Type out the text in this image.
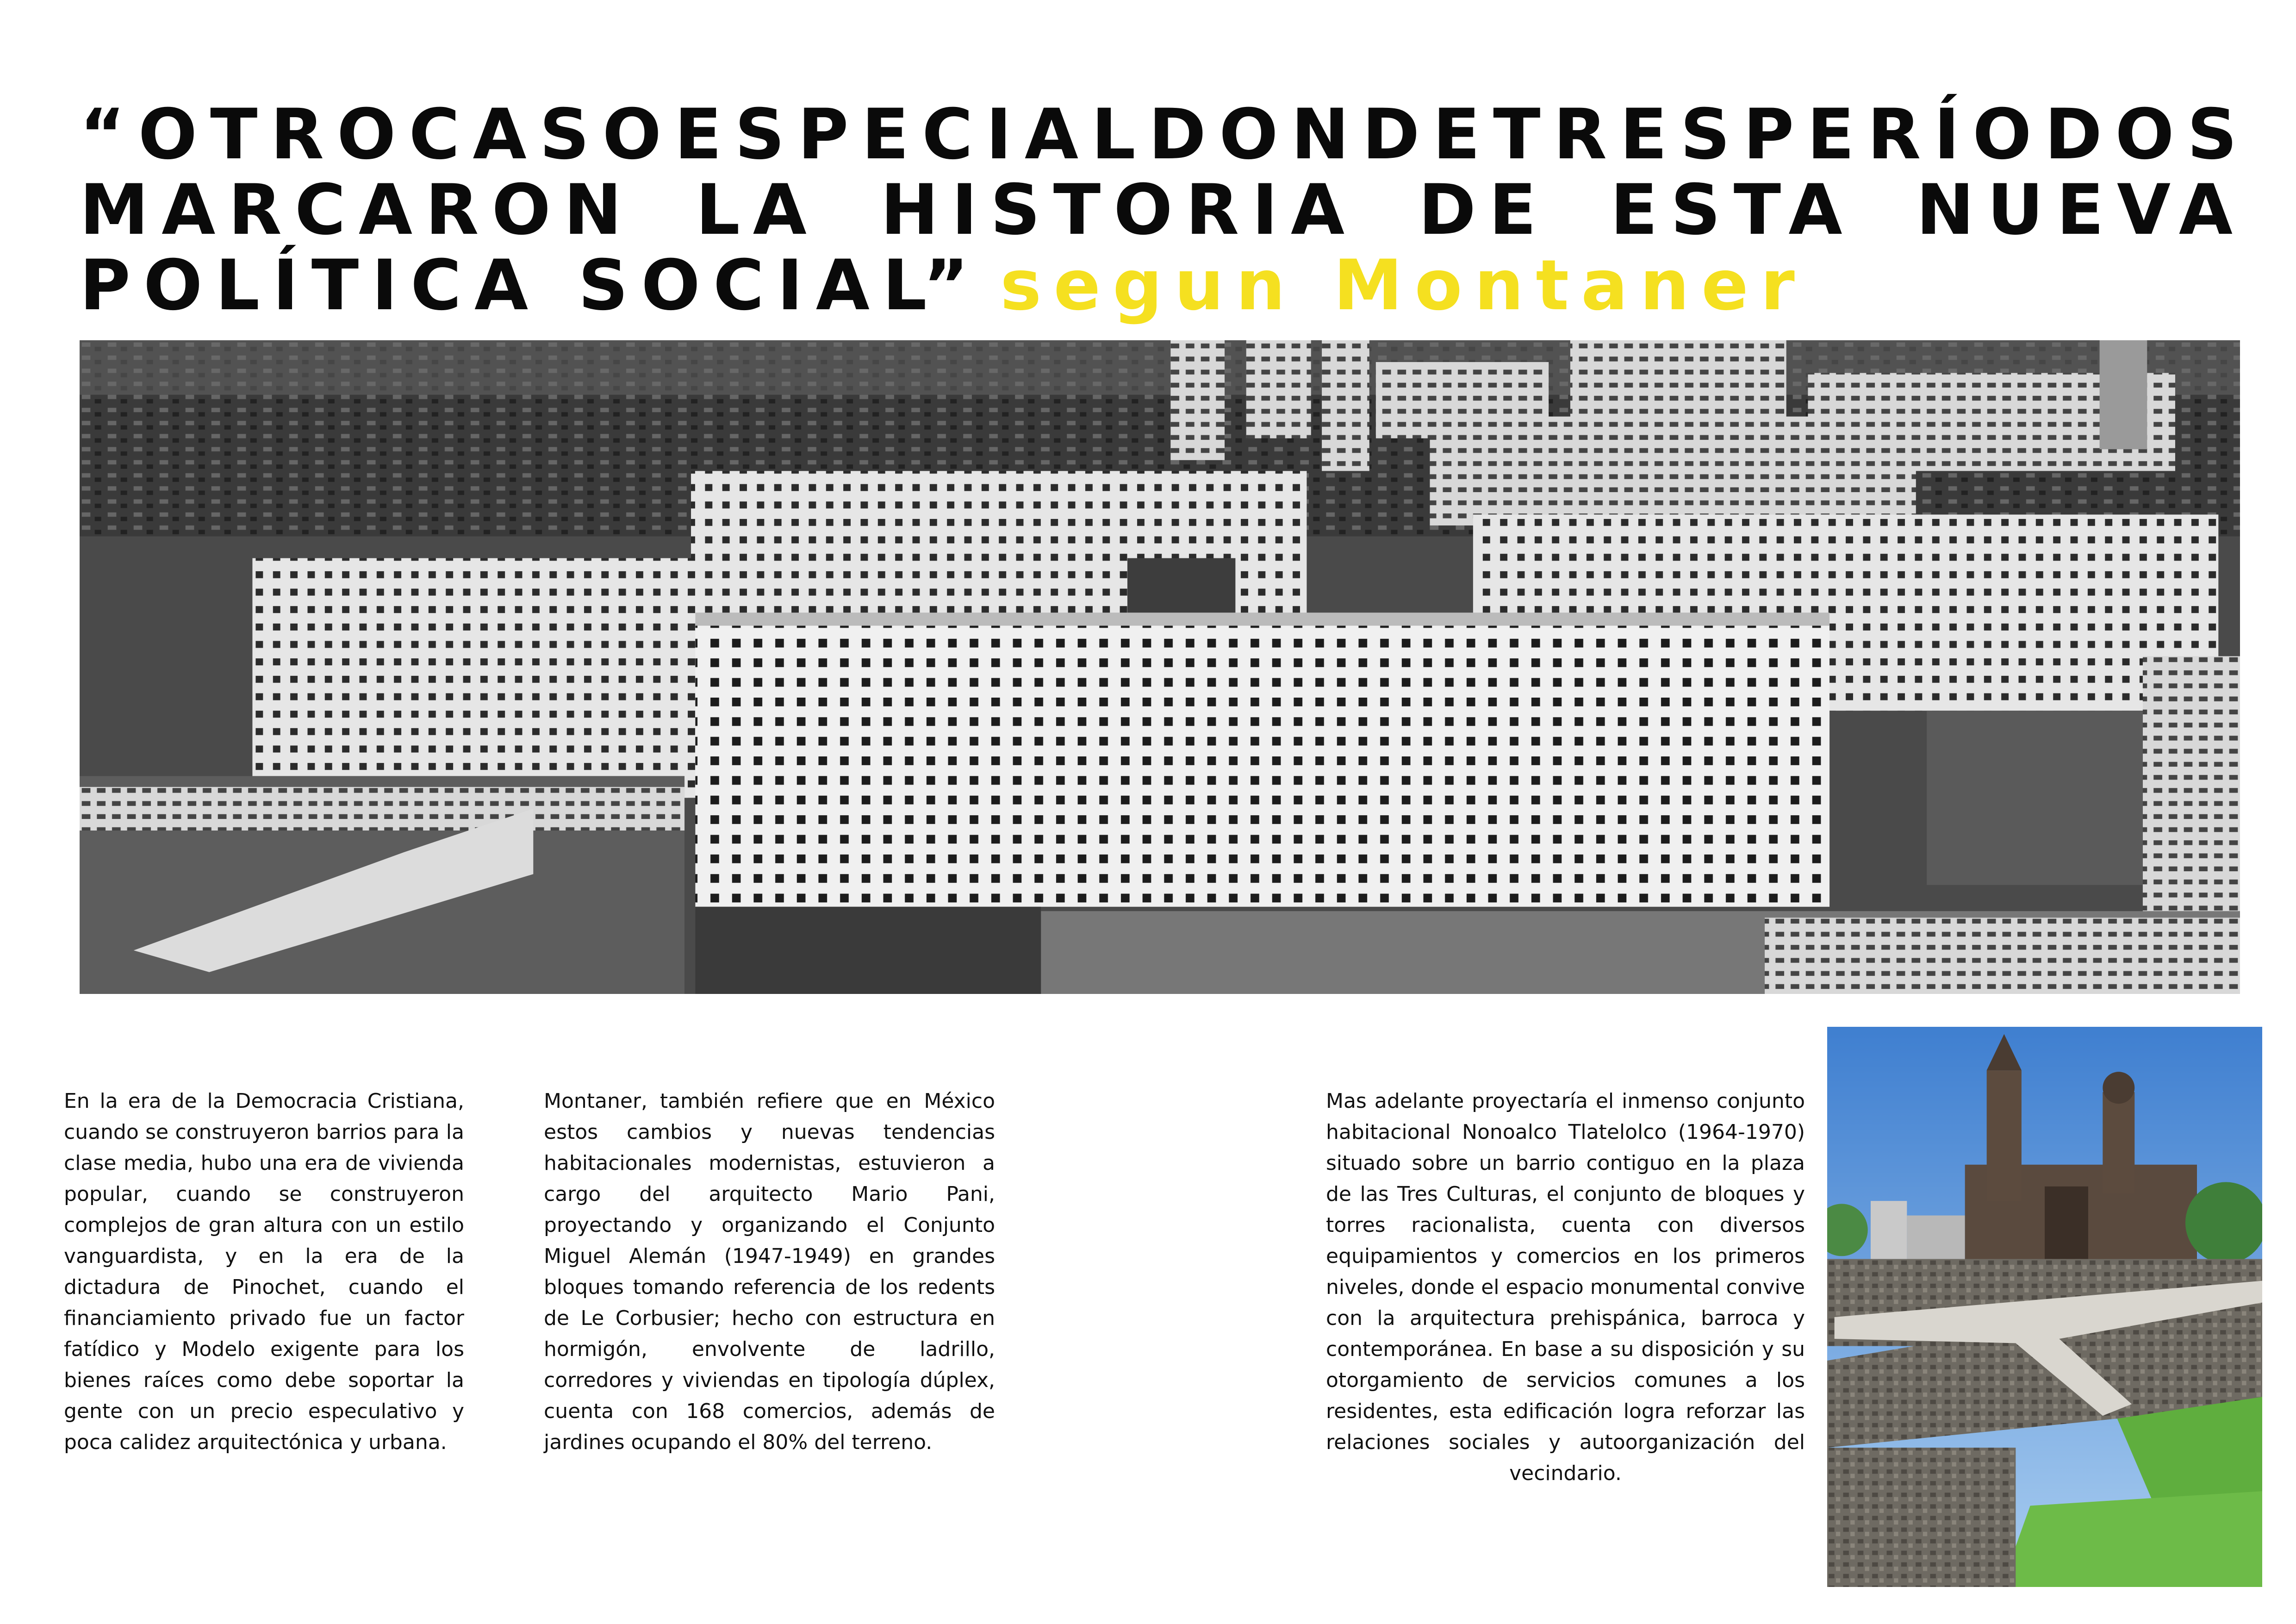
“OTRO CASO ESPECIAL DONDE TRES PERÍODOS
MARCARON LA HISTORIA DE ESTA NUEVA
POLÍTICA SOCIAL” segun Montaner

En la era de la Democracia Cristiana, cuando se construyeron barrios para la clase media, hubo una era de vivienda popular, cuando se construyeron complejos de gran altura con un estilo vanguardista, y en la era de la dictadura de Pinochet, cuando el financiamiento privado fue un factor fatídico y Modelo exigente para los bienes raíces como debe soportar la gente con un precio especulativo y poca calidez arquitectónica y urbana.

Montaner, también refiere que en México estos cambios y nuevas tendencias habitacionales modernistas, estuvieron a cargo del arquitecto Mario Pani, proyectando y organizando el Conjunto Miguel Alemán (1947-1949) en grandes bloques tomando referencia de los redents de Le Corbusier; hecho con estructura en hormigón, envolvente de ladrillo, corredores y viviendas en tipología dúplex, cuenta con 168 comercios, además de jardines ocupando el 80% del terreno.

Mas adelante proyectaría el inmenso conjunto habitacional Nonoalco Tlatelolco (1964-1970) situado sobre un barrio contiguo en la plaza de las Tres Culturas, el conjunto de bloques y torres racionalista, cuenta con diversos equipamientos y comercios en los primeros niveles, donde el espacio monumental convive con la arquitectura prehispánica, barroca y contemporánea. En base a su disposición y su otorgamiento de servicios comunes a los residentes, esta edificación logra reforzar las relaciones sociales y autoorganización del vecindario.
